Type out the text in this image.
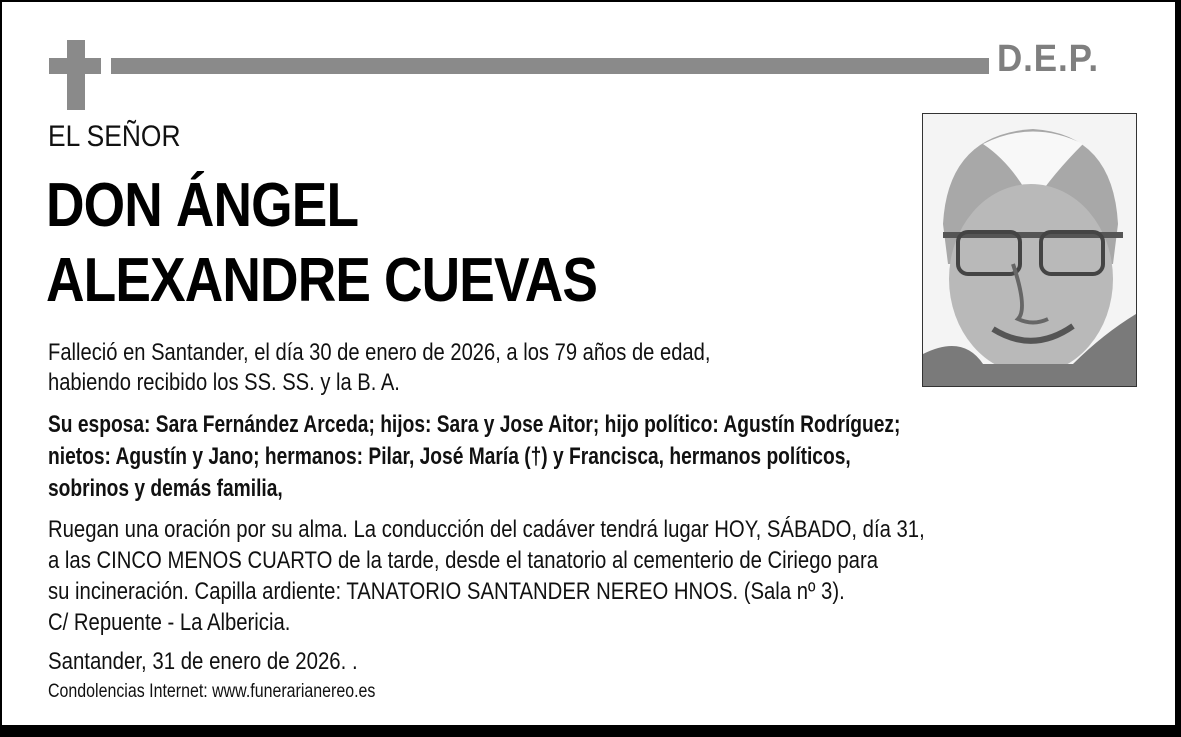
D.E.P.
EL SEÑOR
DON ÁNGEL
ALEXANDRE CUEVAS
Falleció en Santander, el día 30 de enero de 2026, a los 79 años de edad,
habiendo recibido los SS. SS. y la B. A.
Su esposa: Sara Fernández Arceda; hijos: Sara y Jose Aitor; hijo político: Agustín Rodríguez;
nietos: Agustín y Jano; hermanos: Pilar, José María (†) y Francisca, hermanos políticos,
sobrinos y demás familia,
Ruegan una oración por su alma. La conducción del cadáver tendrá lugar HOY, SÁBADO, día 31,
a las CINCO MENOS CUARTO de la tarde, desde el tanatorio al cementerio de Ciriego para
su incineración. Capilla ardiente: TANATORIO SANTANDER NEREO HNOS. (Sala nº 3).
C/ Repuente - La Albericia.
Santander, 31 de enero de 2026. .
Condolencias Internet: www.funerarianereo.es
